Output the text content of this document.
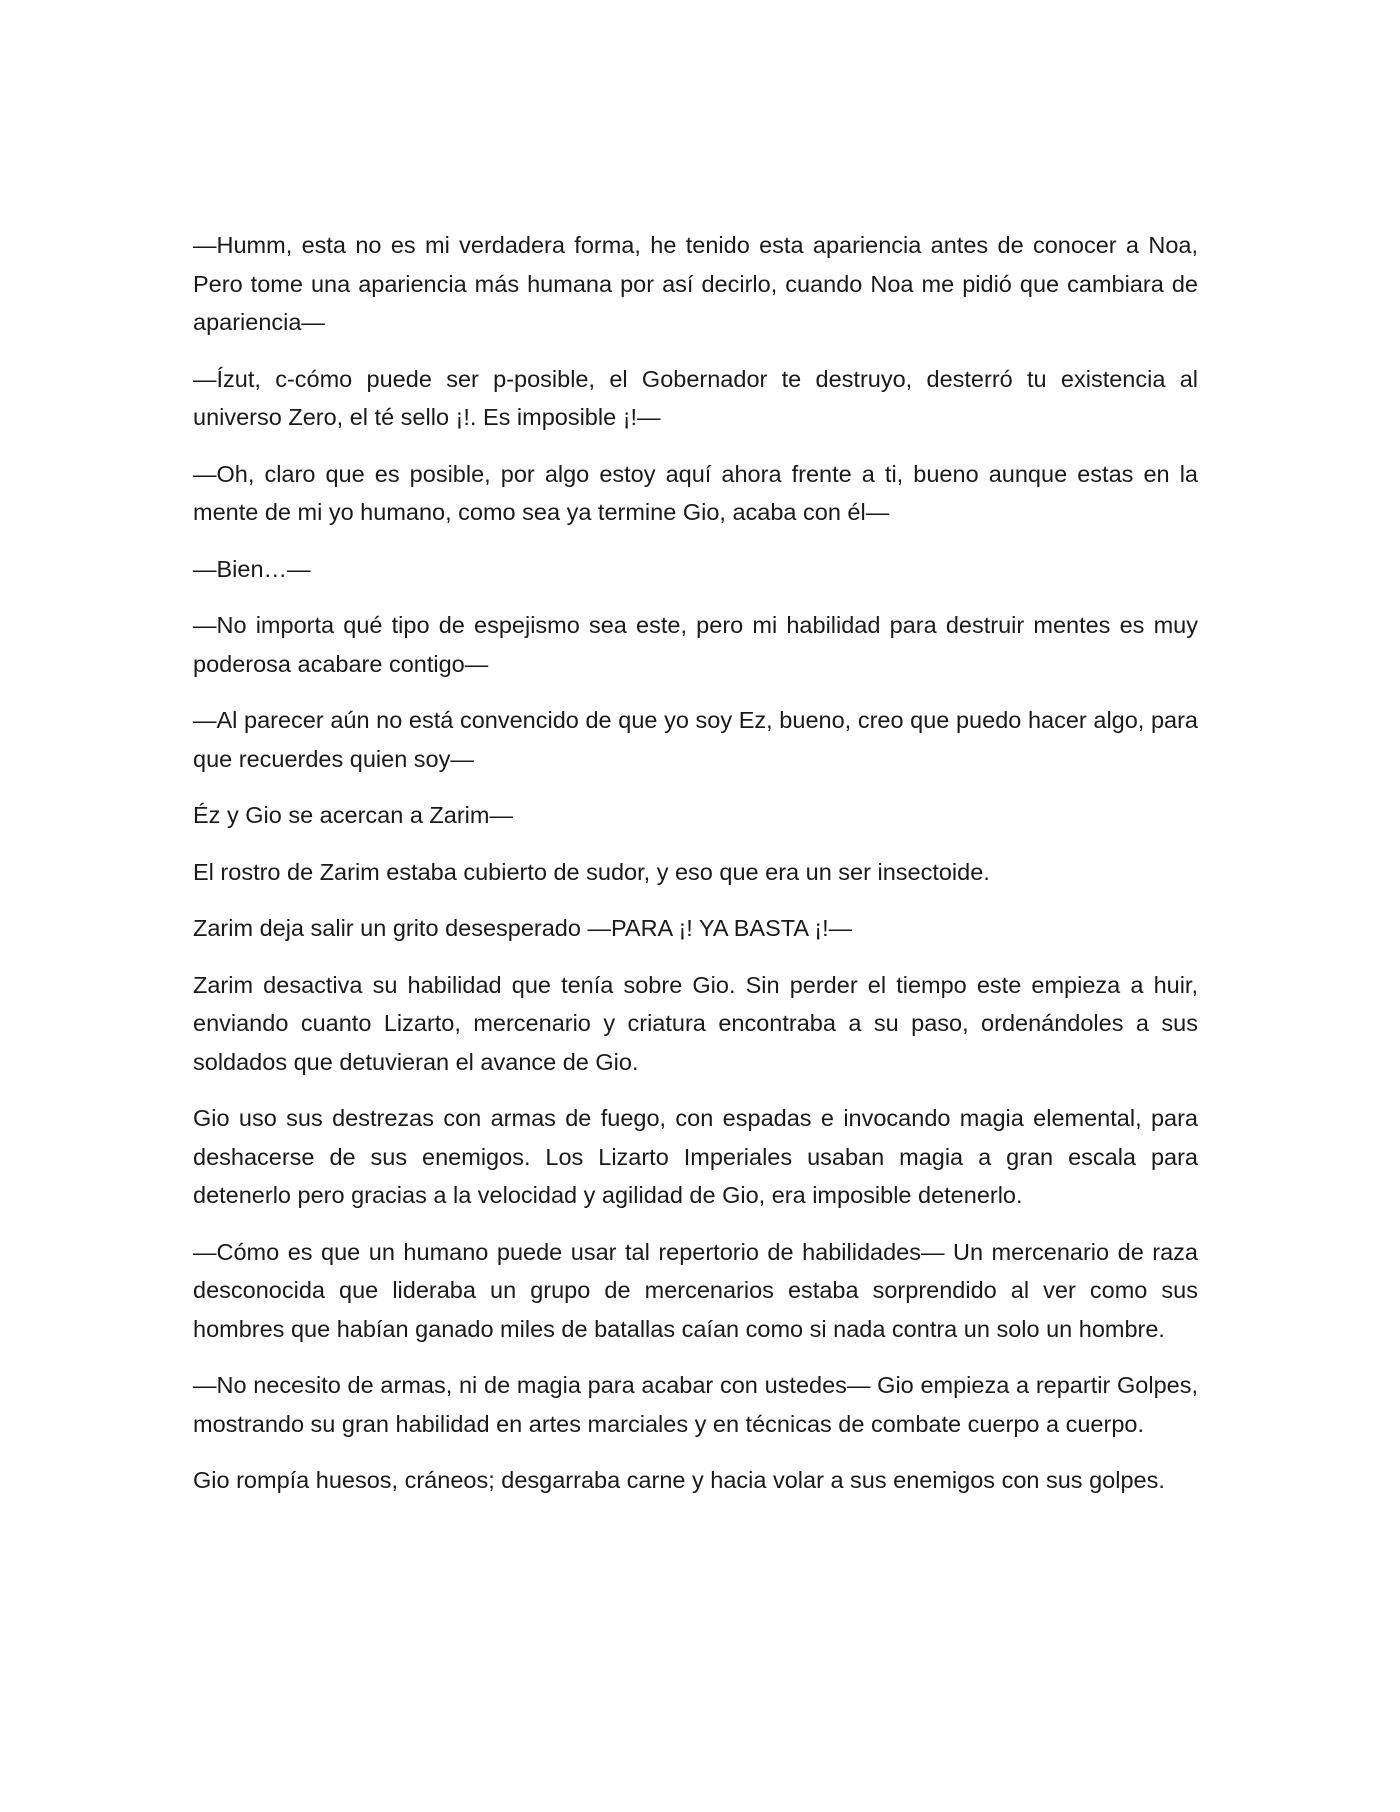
—Humm, esta no es mi verdadera forma, he tenido esta apariencia antes de conocer a Noa, Pero tome una apariencia más humana por así decirlo, cuando Noa me pidió que cambiara de apariencia—

—Ízut, c-cómo puede ser p-posible, el Gobernador te destruyo, desterró tu existencia al universo Zero, el té sello ¡!. Es imposible ¡!—

—Oh, claro que es posible, por algo estoy aquí ahora frente a ti, bueno aunque estas en la mente de mi yo humano, como sea ya termine Gio, acaba con él—

—Bien…—

—No importa qué tipo de espejismo sea este, pero mi habilidad para destruir mentes es muy poderosa acabare contigo—

—Al parecer aún no está convencido de que yo soy Ez, bueno, creo que puedo hacer algo, para que recuerdes quien soy—

Éz y Gio se acercan a Zarim—

El rostro de Zarim estaba cubierto de sudor, y eso que era un ser insectoide.

Zarim deja salir un grito desesperado —PARA ¡! YA BASTA ¡!—

Zarim desactiva su habilidad que tenía sobre Gio. Sin perder el tiempo este empieza a huir, enviando cuanto Lizarto, mercenario y criatura encontraba a su paso, ordenándoles a sus soldados que detuvieran el avance de Gio.

Gio uso sus destrezas con armas de fuego, con espadas e invocando magia elemental, para deshacerse de sus enemigos. Los Lizarto Imperiales usaban magia a gran escala para detenerlo pero gracias a la velocidad y agilidad de Gio, era imposible detenerlo.

—Cómo es que un humano puede usar tal repertorio de habilidades— Un mercenario de raza desconocida que lideraba un grupo de mercenarios estaba sorprendido al ver como sus hombres que habían ganado miles de batallas caían como si nada contra un solo un hombre.

—No necesito de armas, ni de magia para acabar con ustedes— Gio empieza a repartir Golpes, mostrando su gran habilidad en artes marciales y en técnicas de combate cuerpo a cuerpo.

Gio rompía huesos, cráneos; desgarraba carne y hacia volar a sus enemigos con sus golpes.
